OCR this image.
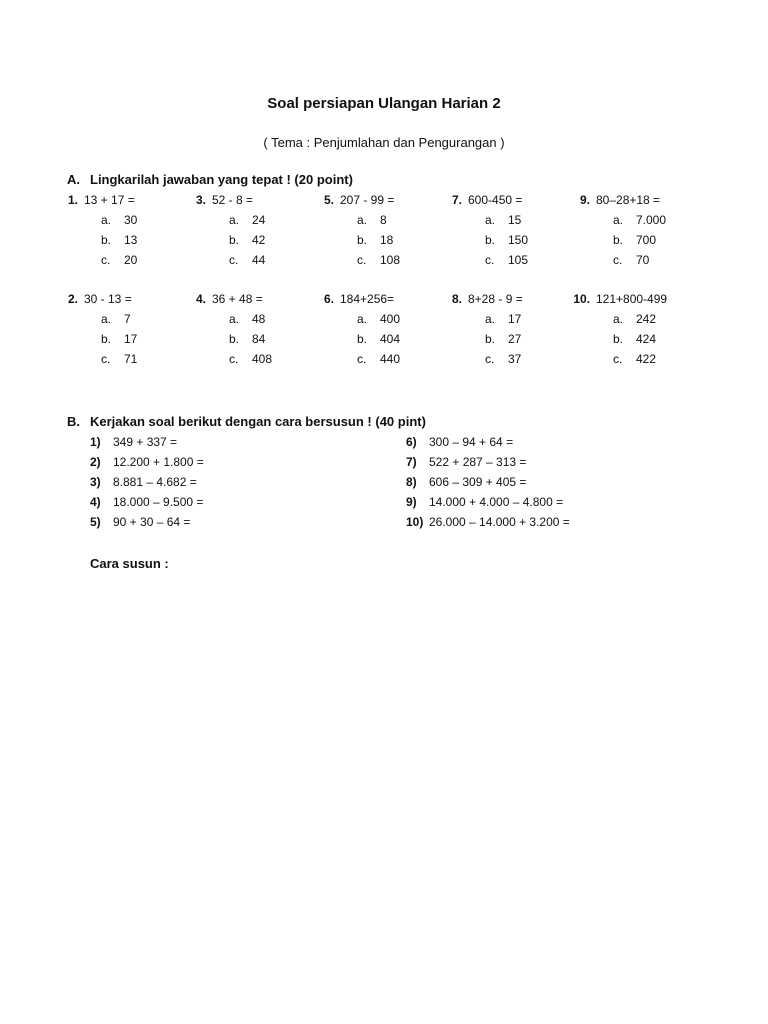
Soal persiapan Ulangan Harian 2
( Tema : Penjumlahan dan Pengurangan )
A. Lingkarilah jawaban yang tepat ! (20 point)
1. 13 + 17 =
a. 30
b. 13
c. 20
3. 52 - 8 =
a. 24
b. 42
c. 44
5. 207 - 99 =
a. 8
b. 18
c. 108
7. 600-450 =
a. 15
b. 150
c. 105
9. 80–28+18 =
a. 7.000
b. 700
c. 70
2. 30 - 13 =
a. 7
b. 17
c. 71
4. 36 + 48 =
a. 48
b. 84
c. 408
6. 184+256=
a. 400
b. 404
c. 440
8. 8+28 - 9 =
a. 17
b. 27
c. 37
10. 121+800-499
a. 242
b. 424
c. 422
B. Kerjakan soal berikut dengan cara bersusun ! (40 pint)
1) 349 + 337 =
2) 12.200 + 1.800 =
3) 8.881 – 4.682 =
4) 18.000 – 9.500 =
5) 90 + 30 – 64 =
6) 300 – 94 + 64 =
7) 522 + 287 – 313 =
8) 606 – 309 + 405 =
9) 14.000 + 4.000 – 4.800 =
10) 26.000 – 14.000 + 3.200 =
Cara susun :
